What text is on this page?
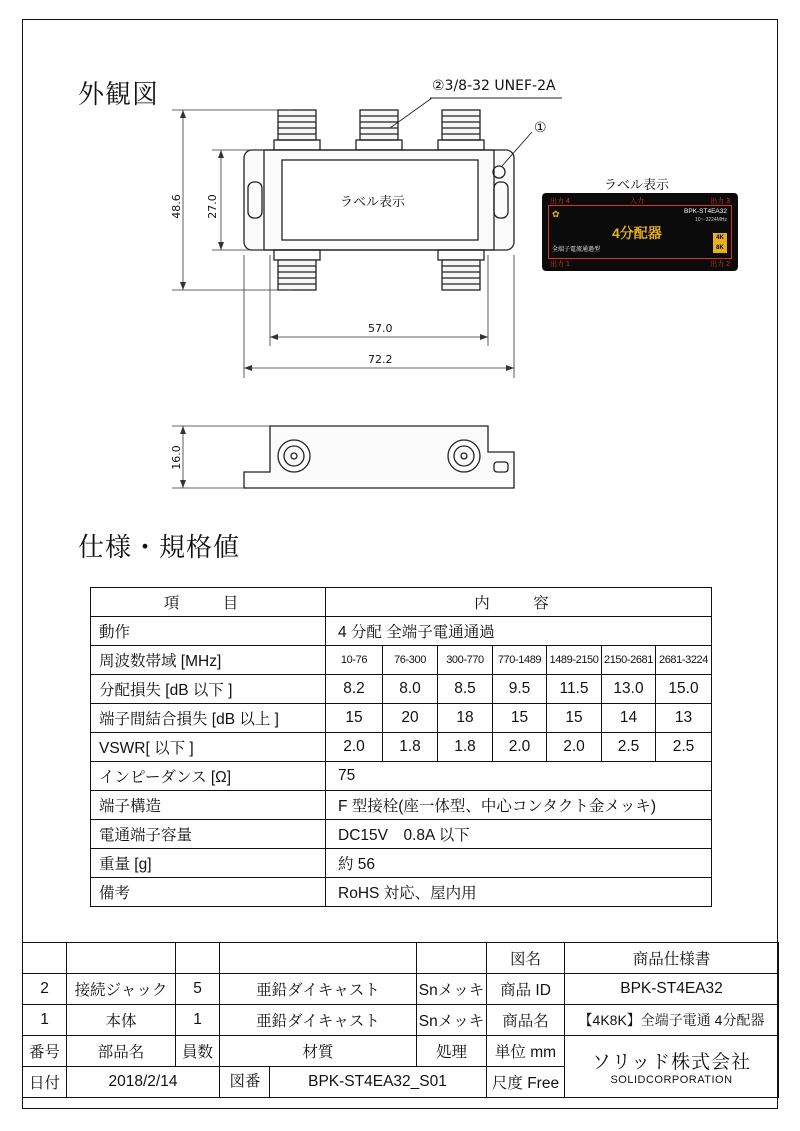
外観図
仕様・規格値
②3/8-32 UNEF-2A
①
ラベル表示
48.6 27.0
57.0
72.2
16.0
ラベル表示
出力 4	入力	出力 3
✿	BPK-ST4EA32
10～3224MHz
4分配器
全端子電流通過型
4K
8K
出力 1	出力 2
項　目	内　容						
動作	4 分配 全端子電通通過						
周波数帯域 [MHz]	10-76	76-300	300-770	770-1489	1489-2150	2150-2681	2681-3224
分配損失 [dB 以下 ]	8.2	8.0	8.5	9.5	11.5	13.0	15.0
端子間結合損失 [dB 以上 ]	15	20	18	15	15	14	13
VSWR[ 以下 ]	2.0	1.8	1.8	2.0	2.0	2.5	2.5
インピーダンス [Ω]	75						
端子構造	F 型接栓(座一体型、中心コンタクト金メッキ)						
電通端子容量	DC15V　0.8A 以下						
重量 [g]	約 56						
備考	RoHS 対応、屋内用						
					図名	商品仕様書
2	接続ジャック	5	亜鉛ダイキャスト	Snメッキ	商品 ID	BPK-ST4EA32
1	本体	1	亜鉛ダイキャスト	Snメッキ	商品名	【4K8K】全端子電通 4分配器
番号	部品名	員数	材質	処理	単位 mm	ソリッド株式会社
SOLIDCORPORATION

日付	2018/2/14		図番 BPK-ST4EA32_S01		尺度 Free	
